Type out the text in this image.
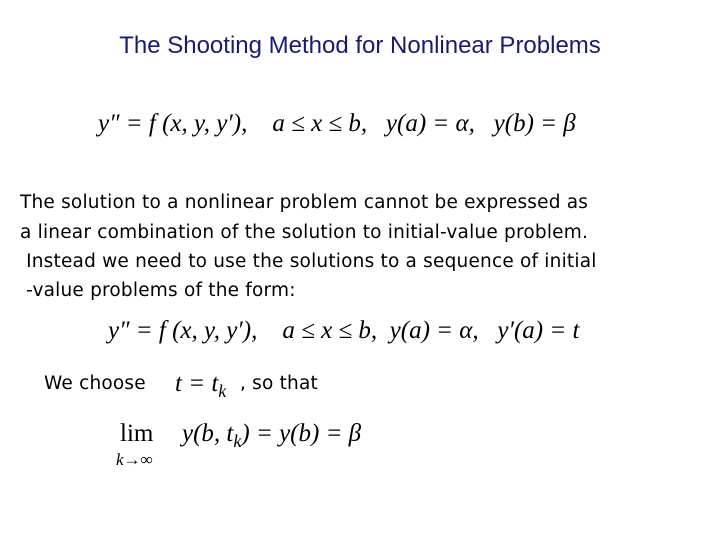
The Shooting Method for Nonlinear Problems
y″ = f (x, y, y′), a ≤ x ≤ b, y(a) = α, y(b) = β
The solution to a nonlinear problem cannot be expressed as
a linear combination of the solution to initial-value problem.
Instead we need to use the solutions to a sequence of initial
-value problems of the form:
y″ = f (x, y, y′), a ≤ x ≤ b, y(a) = α, y′(a) = t
We choose $t = t_k$ , so that

lim

k→∞

y(b, $t_k) = y(b) = \beta$
